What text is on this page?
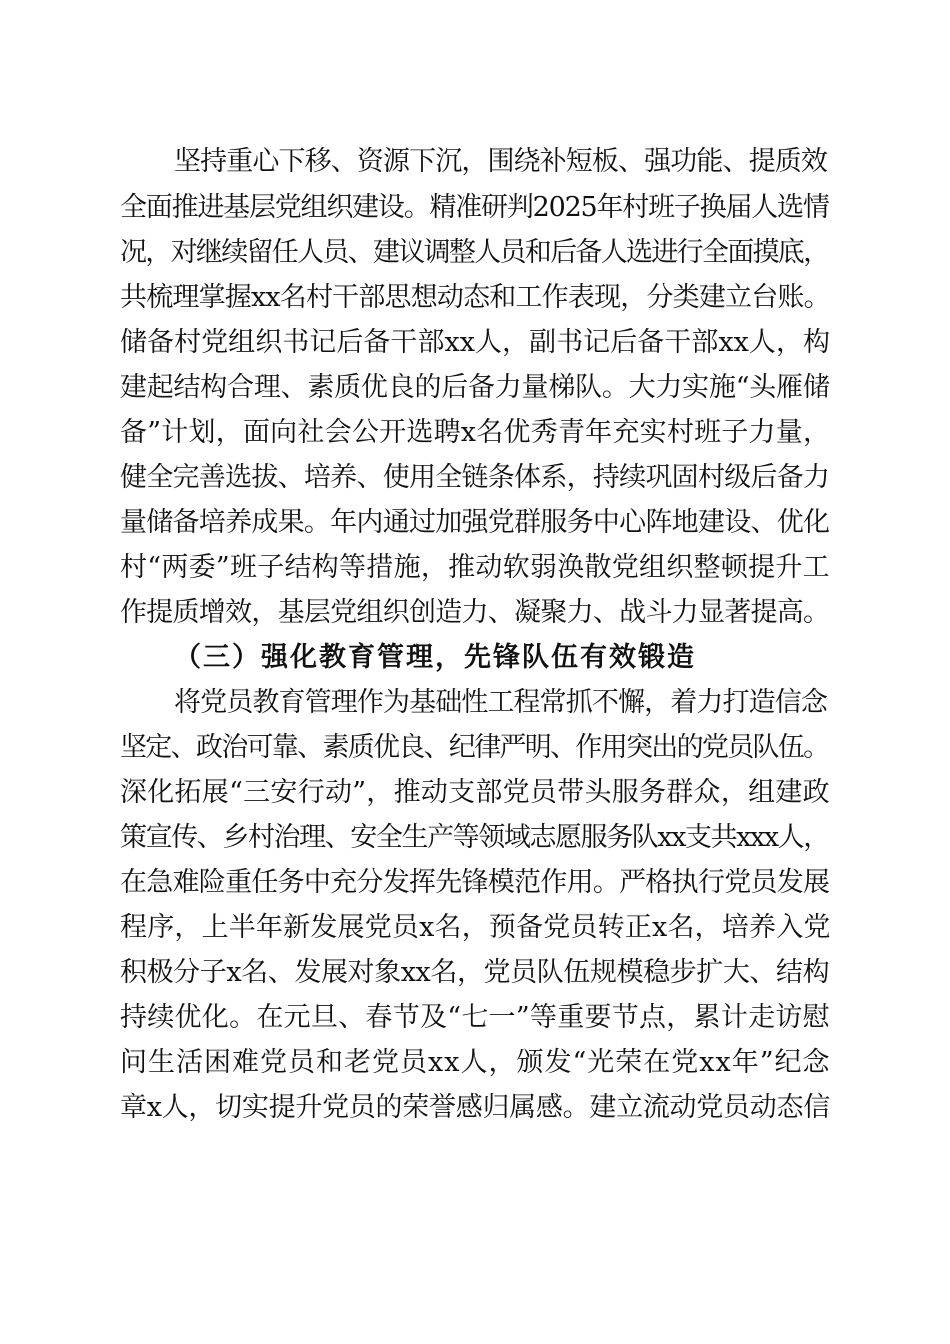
坚持重心下移、资源下沉，围绕补短板、强功能、提质效
全面推进基层党组织建设。精准研判2025年村班子换届人选情
况，对继续留任人员、建议调整人员和后备人选进行全面摸底，
共梳理掌握xx名村干部思想动态和工作表现，分类建立台账。
储备村党组织书记后备干部xx人，副书记后备干部xx人，构
建起结构合理、素质优良的后备力量梯队。大力实施“头雁储
备”计划，面向社会公开选聘x名优秀青年充实村班子力量，
健全完善选拔、培养、使用全链条体系，持续巩固村级后备力
量储备培养成果。年内通过加强党群服务中心阵地建设、优化
村“两委”班子结构等措施，推动软弱涣散党组织整顿提升工
作提质增效，基层党组织创造力、凝聚力、战斗力显著提高。
（三）强化教育管理，先锋队伍有效锻造
将党员教育管理作为基础性工程常抓不懈，着力打造信念
坚定、政治可靠、素质优良、纪律严明、作用突出的党员队伍。
深化拓展“三安行动”，推动支部党员带头服务群众，组建政
策宣传、乡村治理、安全生产等领域志愿服务队xx支共xxx人，
在急难险重任务中充分发挥先锋模范作用。严格执行党员发展
程序，上半年新发展党员x名，预备党员转正x名，培养入党
积极分子x名、发展对象xx名，党员队伍规模稳步扩大、结构
持续优化。在元旦、春节及“七一”等重要节点，累计走访慰
问生活困难党员和老党员xx人，颁发“光荣在党xx年”纪念
章x人，切实提升党员的荣誉感归属感。建立流动党员动态信
